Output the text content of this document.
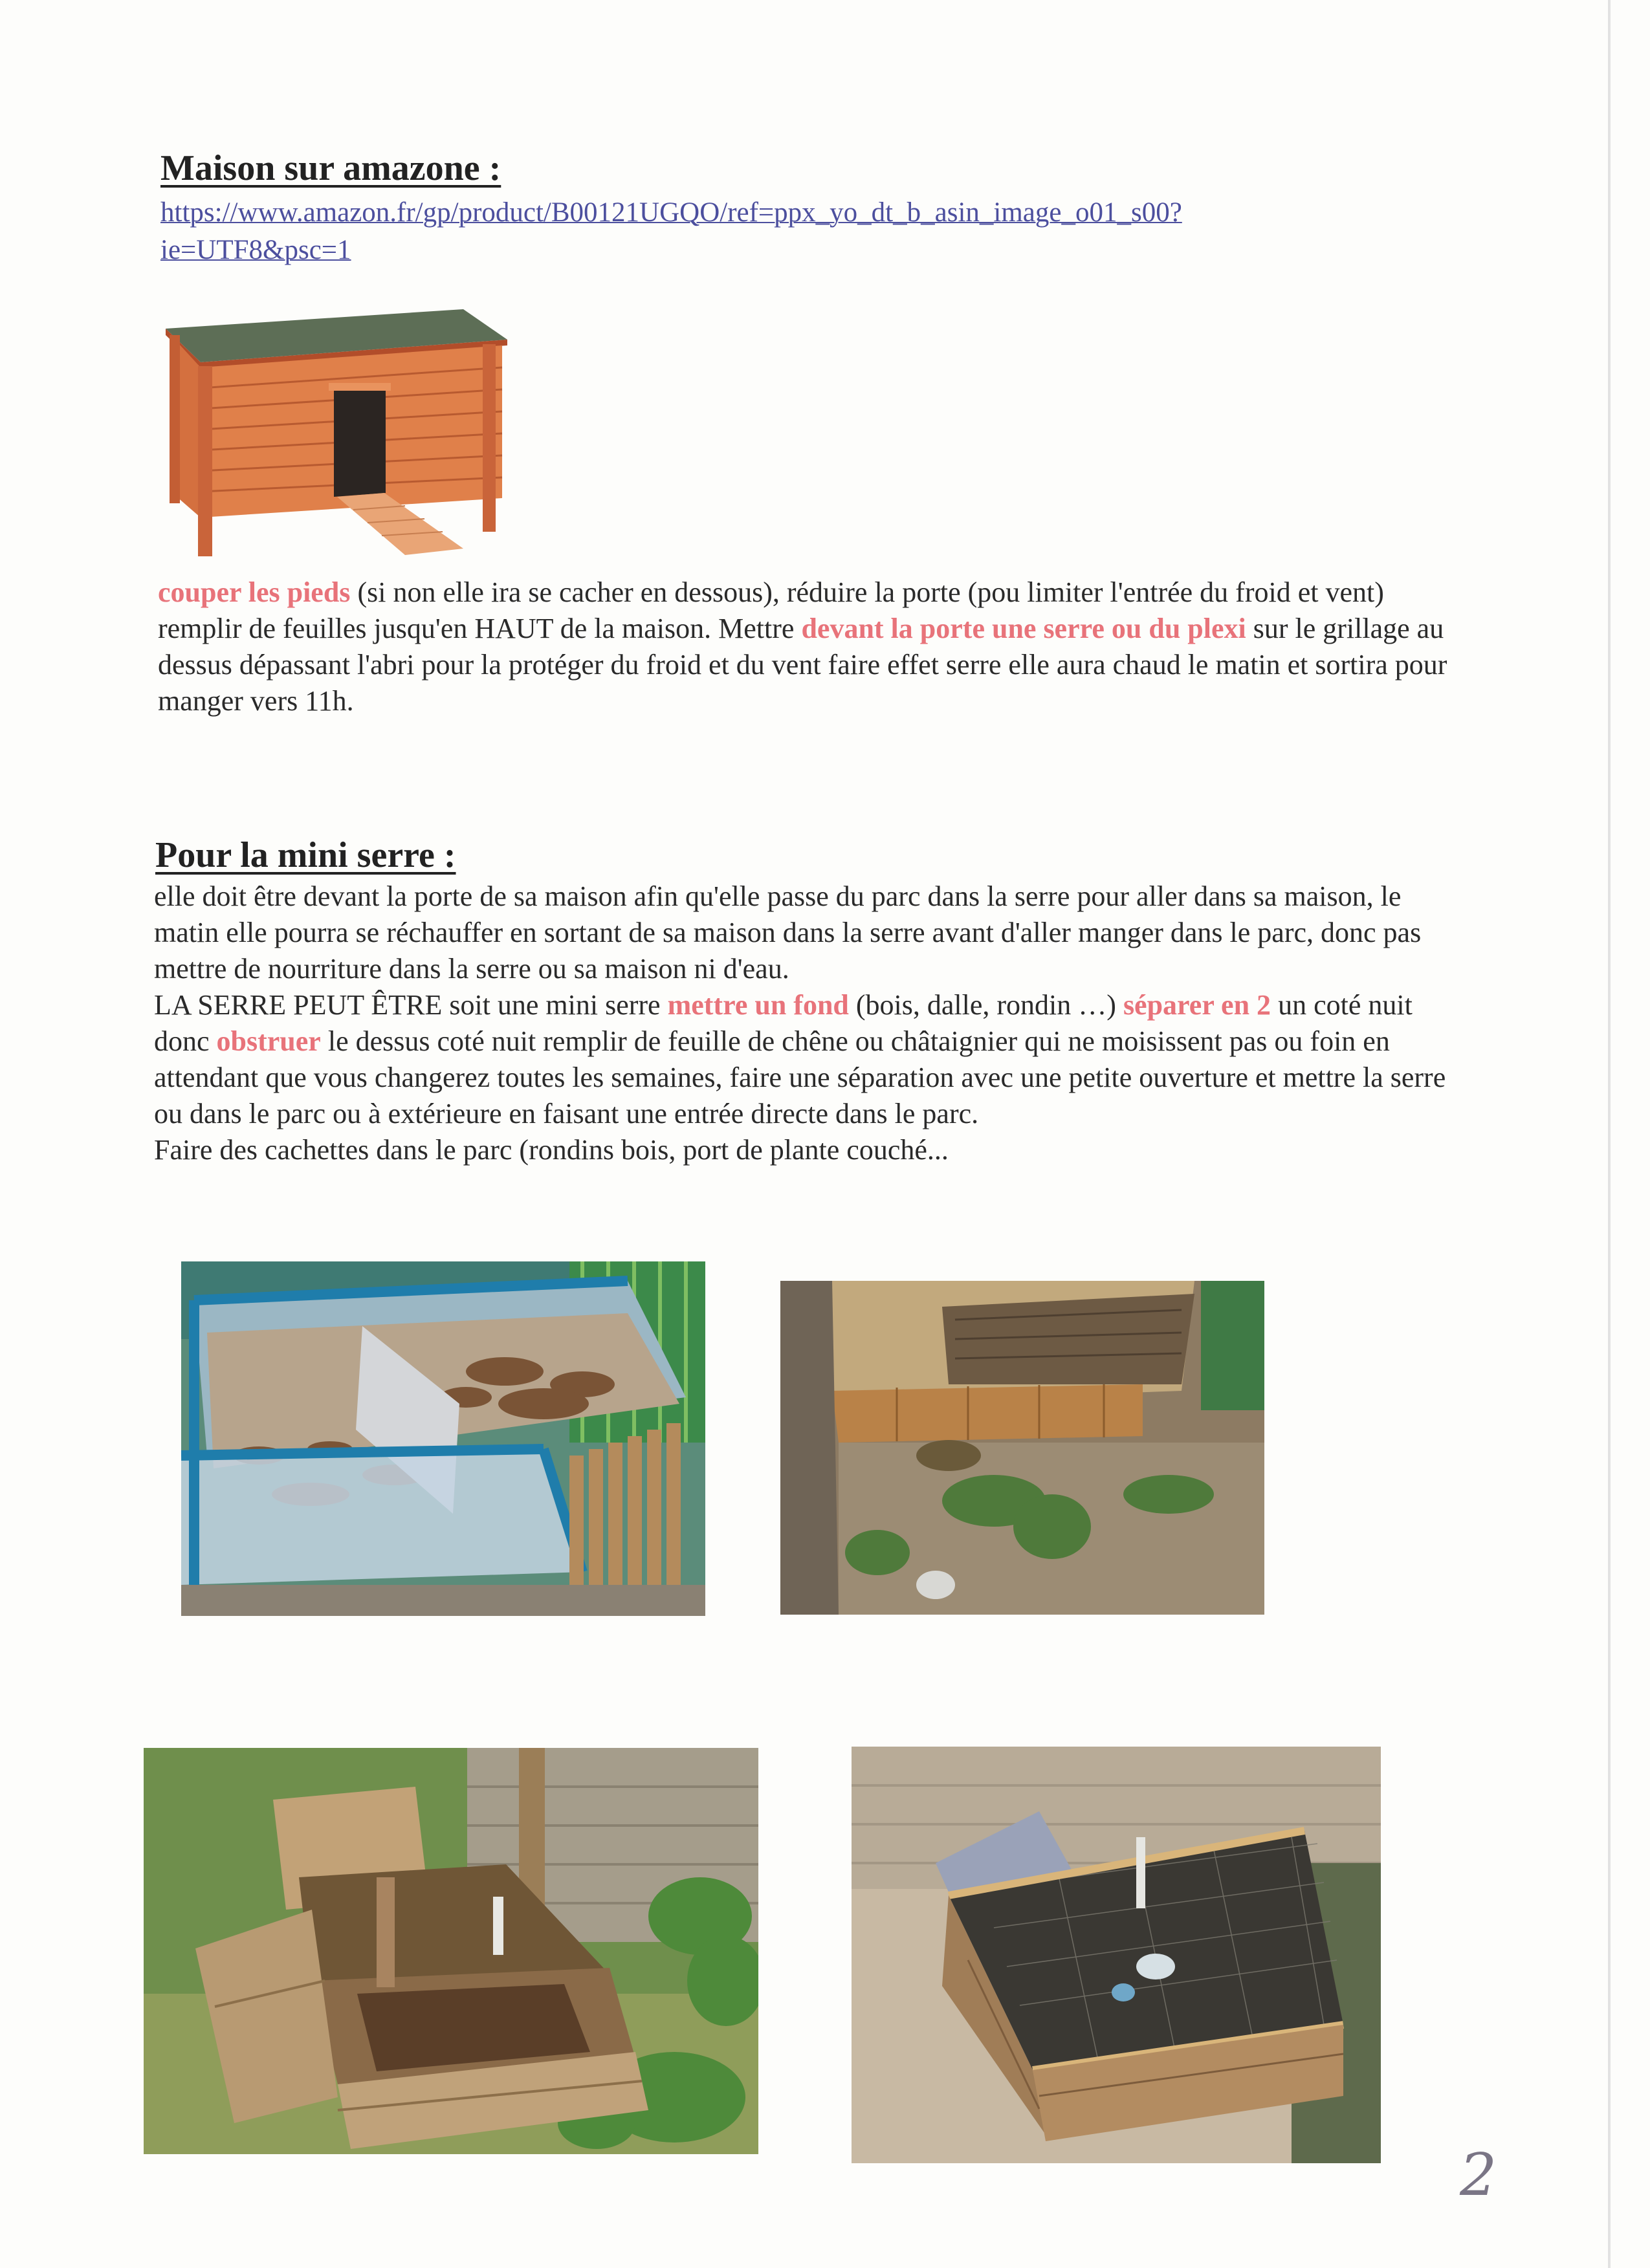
Maison sur amazone :
https://www.amazon.fr/gp/product/B00121UGQO/ref=ppx_yo_dt_b_asin_image_o01_s00?
ie=UTF8&psc=1
couper les pieds (si non elle ira se cacher en dessous), réduire la porte (pou limiter l'entrée du froid et vent) remplir de feuilles jusqu'en HAUT de la maison. Mettre devant la porte une serre ou du plexi sur le grillage au dessus dépassant l'abri pour la protéger du froid et du vent faire effet serre elle aura chaud le matin et sortira pour manger vers 11h.
Pour la mini serre :
elle doit être devant la porte de sa maison afin qu'elle passe du parc dans la serre pour aller dans sa maison, le matin elle pourra se réchauffer en sortant de sa maison dans la serre avant d'aller manger dans le parc, donc pas mettre de nourriture dans la serre ou sa maison ni d'eau.
LA SERRE PEUT ÊTRE soit une mini serre mettre un fond (bois, dalle, rondin …) séparer en 2 un coté nuit donc obstruer le dessus coté nuit remplir de feuille de chêne ou châtaignier qui ne moisissent pas ou foin en attendant que vous changerez toutes les semaines, faire une séparation avec une petite ouverture et mettre la serre ou dans le parc ou à extérieure en faisant une entrée directe dans le parc.
Faire des cachettes dans le parc (rondins bois, port de plante couché...
2
